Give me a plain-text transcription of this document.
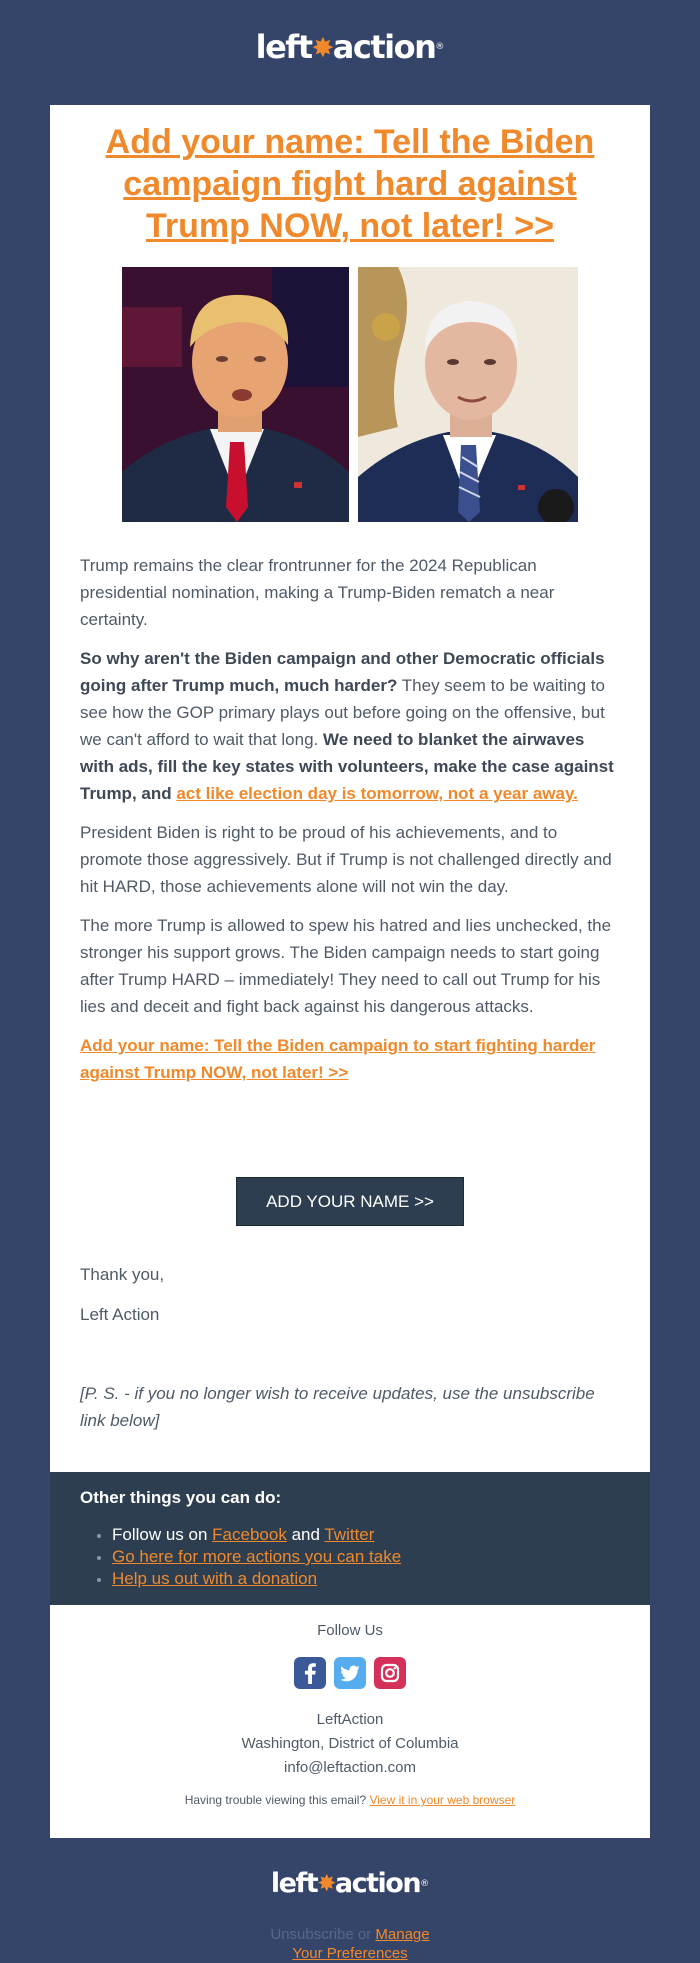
left✸action®
Add your name: Tell the Biden campaign fight hard against Trump NOW, not later! >>

Trump remains the clear frontrunner for the 2024 Republican presidential nomination, making a Trump-Biden rematch a near certainty.

So why aren't the Biden campaign and other Democratic officials going after Trump much, much harder? They seem to be waiting to see how the GOP primary plays out before going on the offensive, but we can't afford to wait that long. We need to blanket the airwaves with ads, fill the key states with volunteers, make the case against Trump, and act like election day is tomorrow, not a year away.

President Biden is right to be proud of his achievements, and to promote those aggressively. But if Trump is not challenged directly and hit HARD, those achievements alone will not win the day.

The more Trump is allowed to spew his hatred and lies unchecked, the stronger his support grows. The Biden campaign needs to start going after Trump HARD – immediately! They need to call out Trump for his lies and deceit and fight back against his dangerous attacks.

Add your name: Tell the Biden campaign to start fighting harder against Trump NOW, not later! >>

ADD YOUR NAME >>

Thank you,

Left Action

[P. S. - if you no longer wish to receive updates, use the unsubscribe link below]

Other things you can do:

• Follow us on Facebook and Twitter
• Go here for more actions you can take
• Help us out with a donation
Follow Us

LeftAction
Washington, District of Columbia
info@leftaction.com
Having trouble viewing this email? View it in your web browser
left✸action®
Unsubscribe or Manage
Your Preferences
